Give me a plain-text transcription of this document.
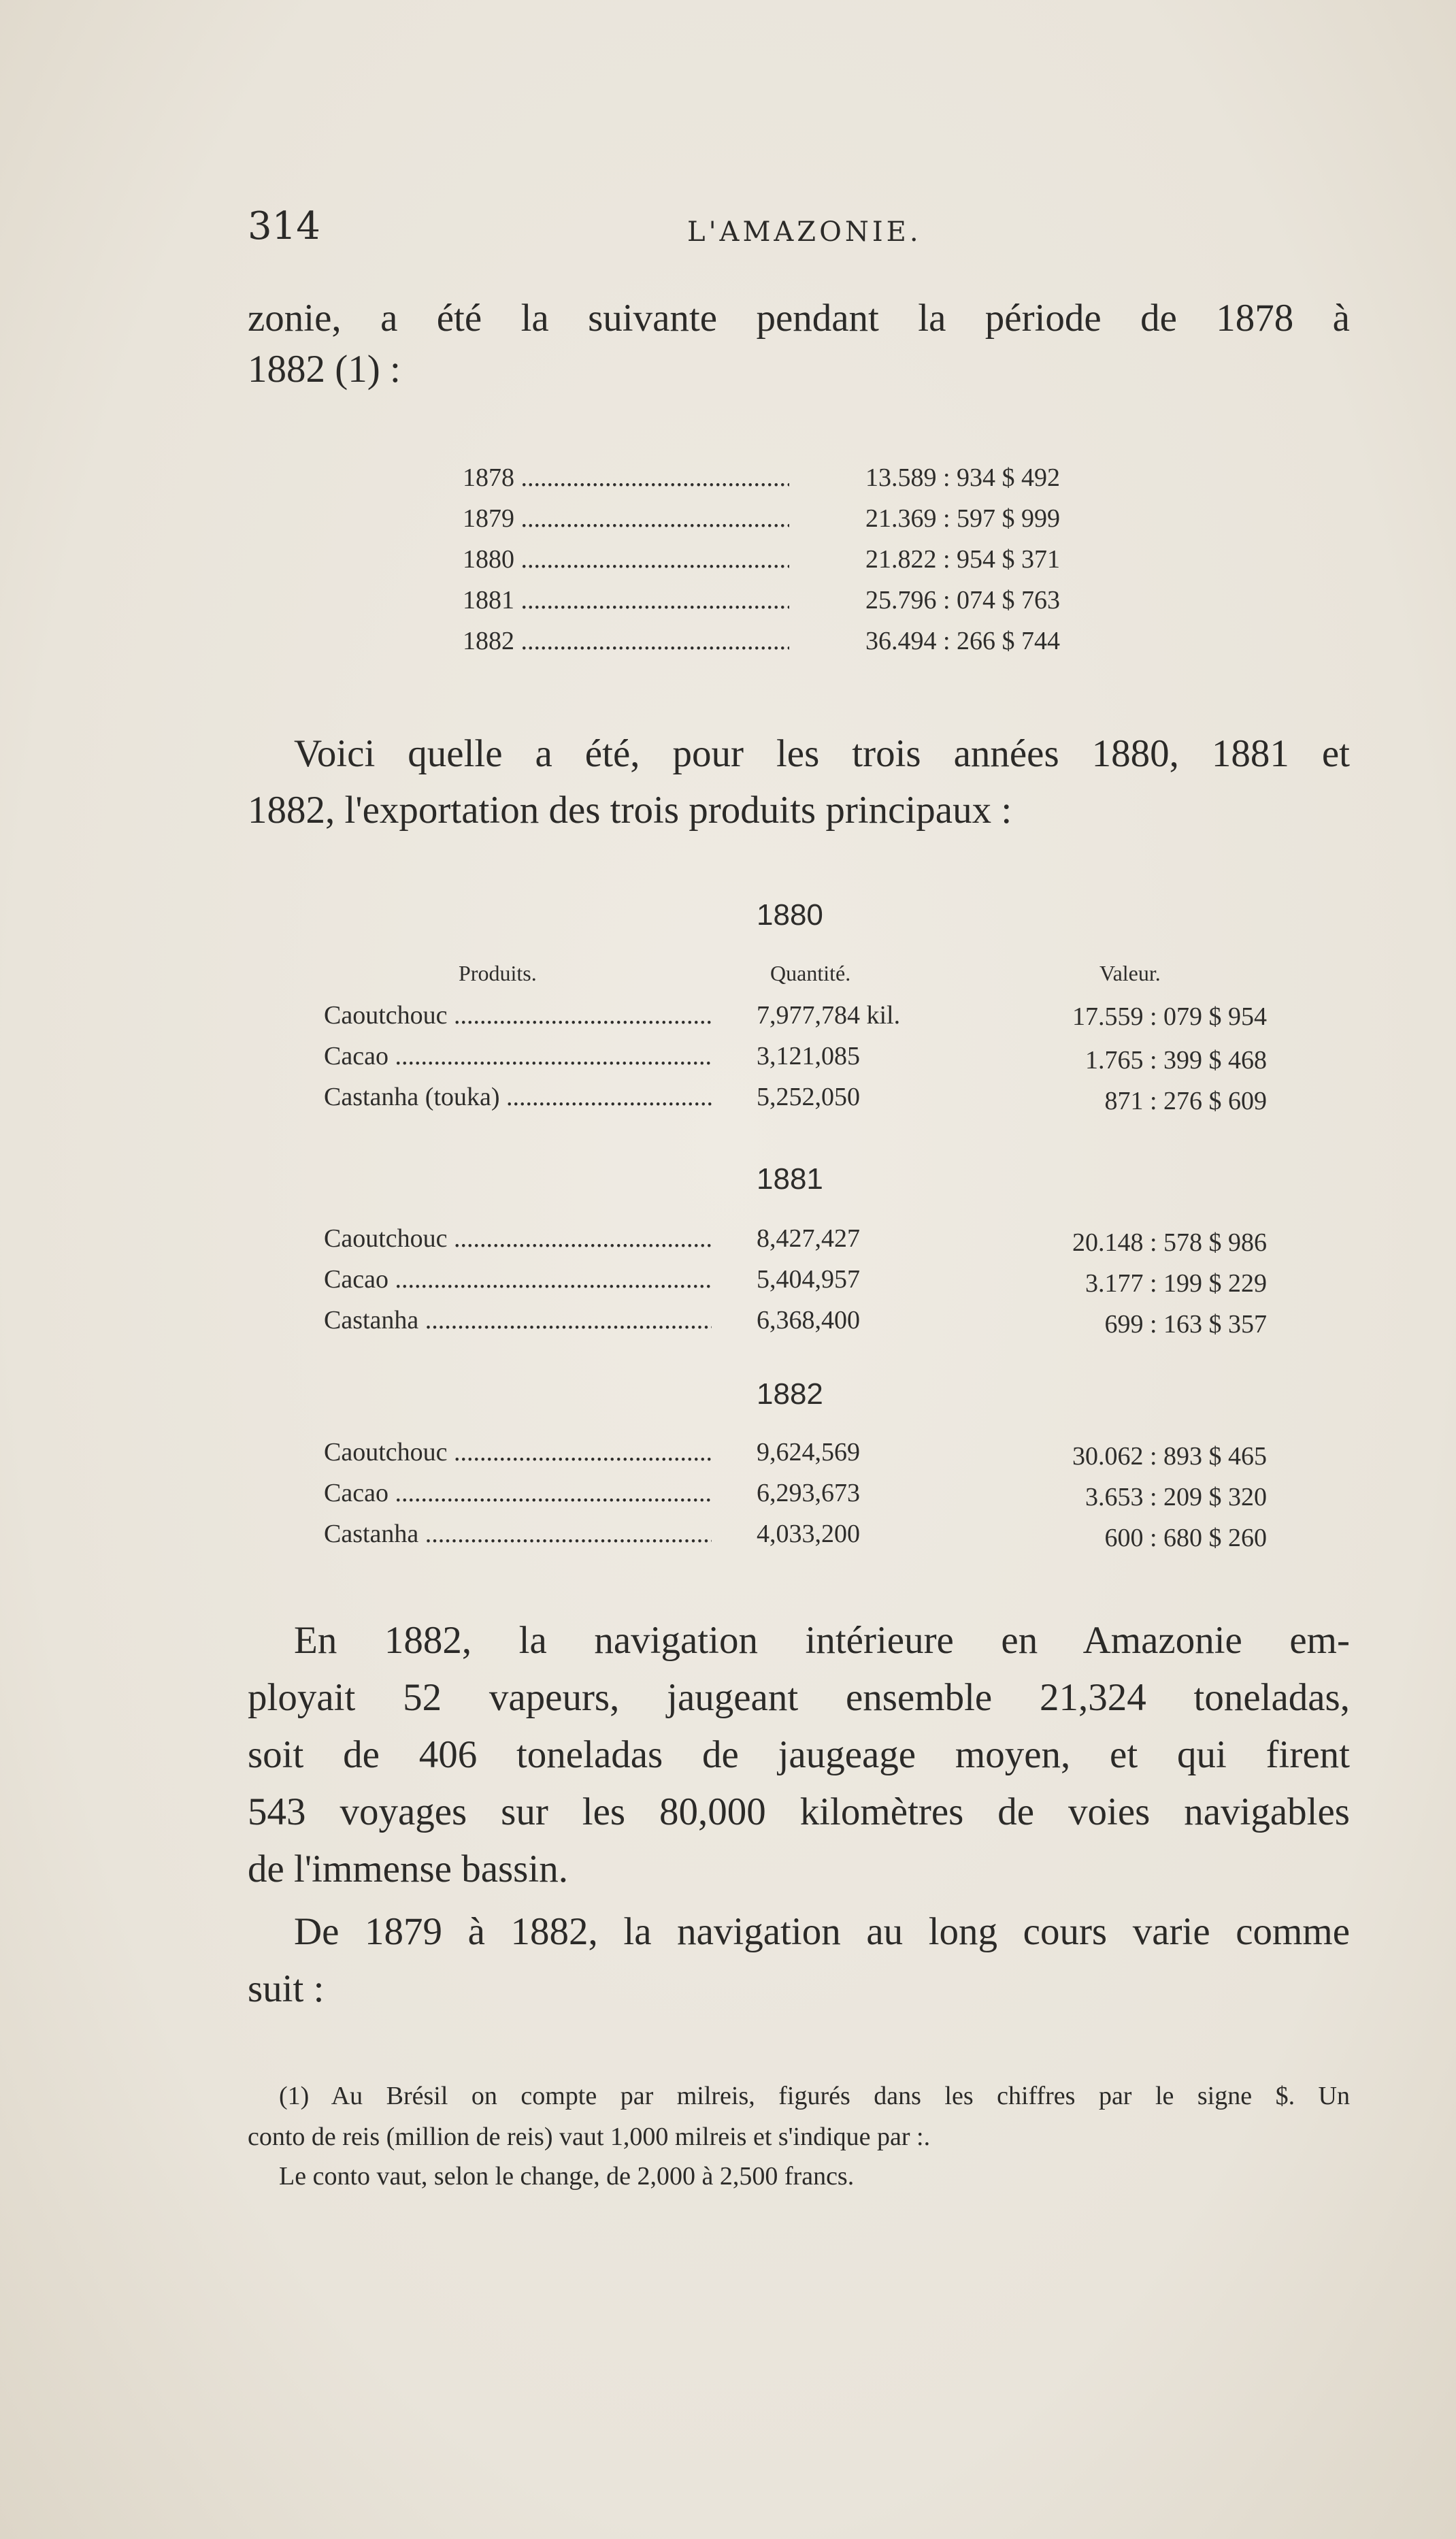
314	L'AMAZONIE.
zonie, a été la suivante pendant la période de 1878 à
1882 (1) :
1878 .....	13.589 : 934 $ 492
1879 .....	21.369 : 597 $ 999
1880 .....	21.822 : 954 $ 371
1881 .....	25.796 : 074 $ 763
1882 .....	36.494 : 266 $ 744
Voici quelle a été, pour les trois années 1880, 1881 et
1882, l'exportation des trois produits principaux :
1880
Produits.	Quantité.	Valeur.
Caoutchouc .....	7,977,784 kil.	17.559 : 079 $ 954
Cacao .....	3,121,085	1.765 : 399 $ 468
Castanha (touka) .....	5,252,050	871 : 276 $ 609
1881
Caoutchouc .....	8,427,427	20.148 : 578 $ 986
Cacao .....	5,404,957	3.177 : 199 $ 229
Castanha .....	6,368,400	699 : 163 $ 357
1882
Caoutchouc .....	9,624,569	30.062 : 893 $ 465
Cacao .....	6,293,673	3.653 : 209 $ 320
Castanha .....	4,033,200	600 : 680 $ 260
En 1882, la navigation intérieure en Amazonie em-
ployait 52 vapeurs, jaugeant ensemble 21,324 toneladas,
soit de 406 toneladas de jaugeage moyen, et qui firent
543 voyages sur les 80,000 kilomètres de voies navigables
de l'immense bassin.
De 1879 à 1882, la navigation au long cours varie comme
suit :
(1) Au Brésil on compte par milreis, figurés dans les chiffres par le signe $. Un
conto de reis (million de reis) vaut 1,000 milreis et s'indique par :.
Le conto vaut, selon le change, de 2,000 à 2,500 francs.
